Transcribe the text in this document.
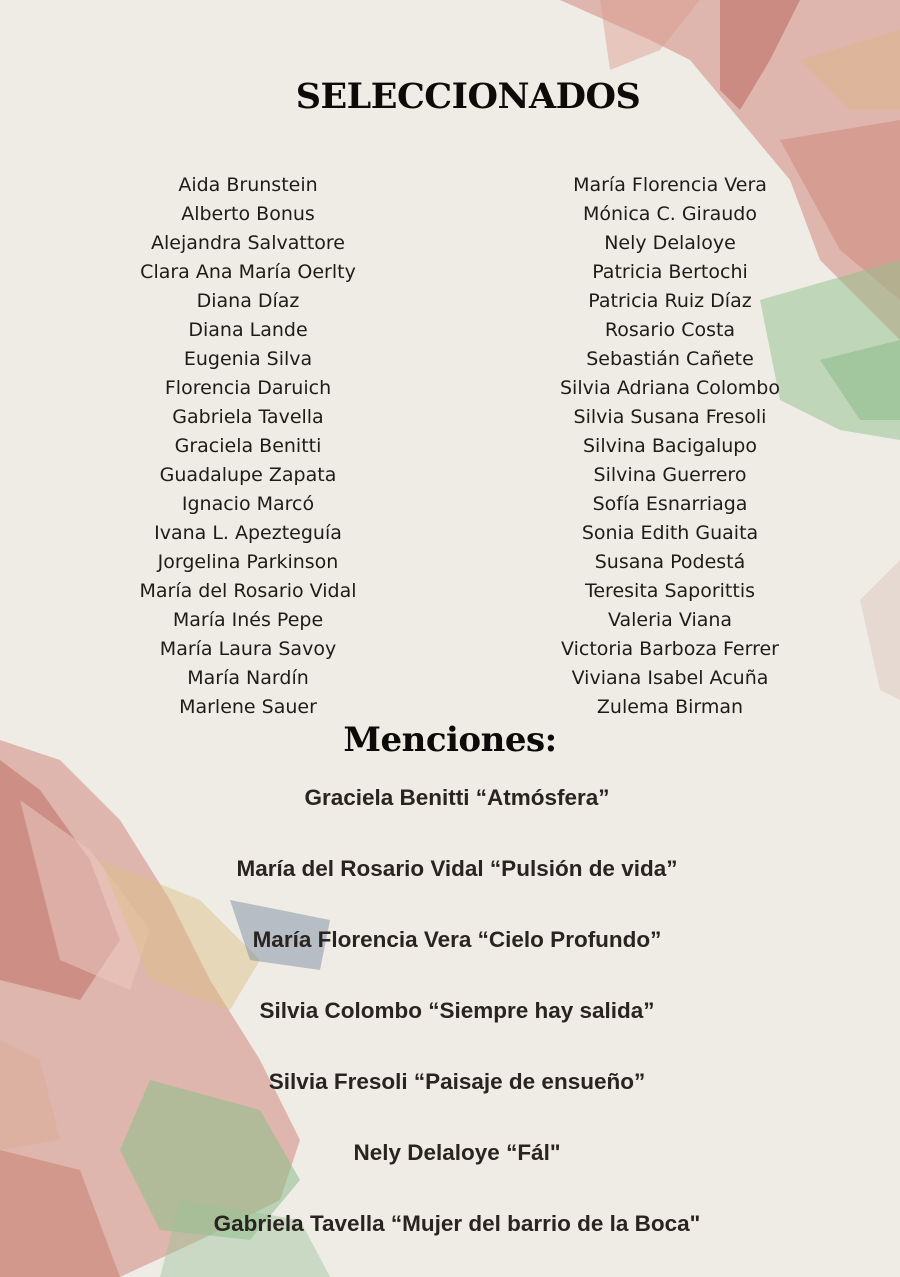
SELECCIONADOS
Aida Brunstein
Alberto Bonus
Alejandra Salvattore
Clara Ana María Oerlty
Diana Díaz
Diana Lande
Eugenia Silva
Florencia Daruich
Gabriela Tavella
Graciela Benitti
Guadalupe Zapata
Ignacio Marcó
Ivana L. Apezteguía
Jorgelina Parkinson
María del Rosario Vidal
María Inés Pepe
María Laura Savoy
María Nardín
Marlene Sauer
María Florencia Vera
Mónica C. Giraudo
Nely Delaloye
Patricia Bertochi
Patricia Ruiz Díaz
Rosario Costa
Sebastián Cañete
Silvia Adriana Colombo
Silvia Susana Fresoli
Silvina Bacigalupo
Silvina Guerrero
Sofía Esnarriaga
Sonia Edith Guaita
Susana Podestá
Teresita Saporittis
Valeria Viana
Victoria Barboza Ferrer
Viviana Isabel Acuña
Zulema Birman
Menciones:
Graciela Benitti “Atmósfera”
María del Rosario Vidal “Pulsión de vida”
María Florencia Vera “Cielo Profundo”
Silvia Colombo “Siempre hay salida”
Silvia Fresoli “Paisaje de ensueño”
Nely Delaloye “Fál"
Gabriela Tavella “Mujer del barrio de la Boca"
